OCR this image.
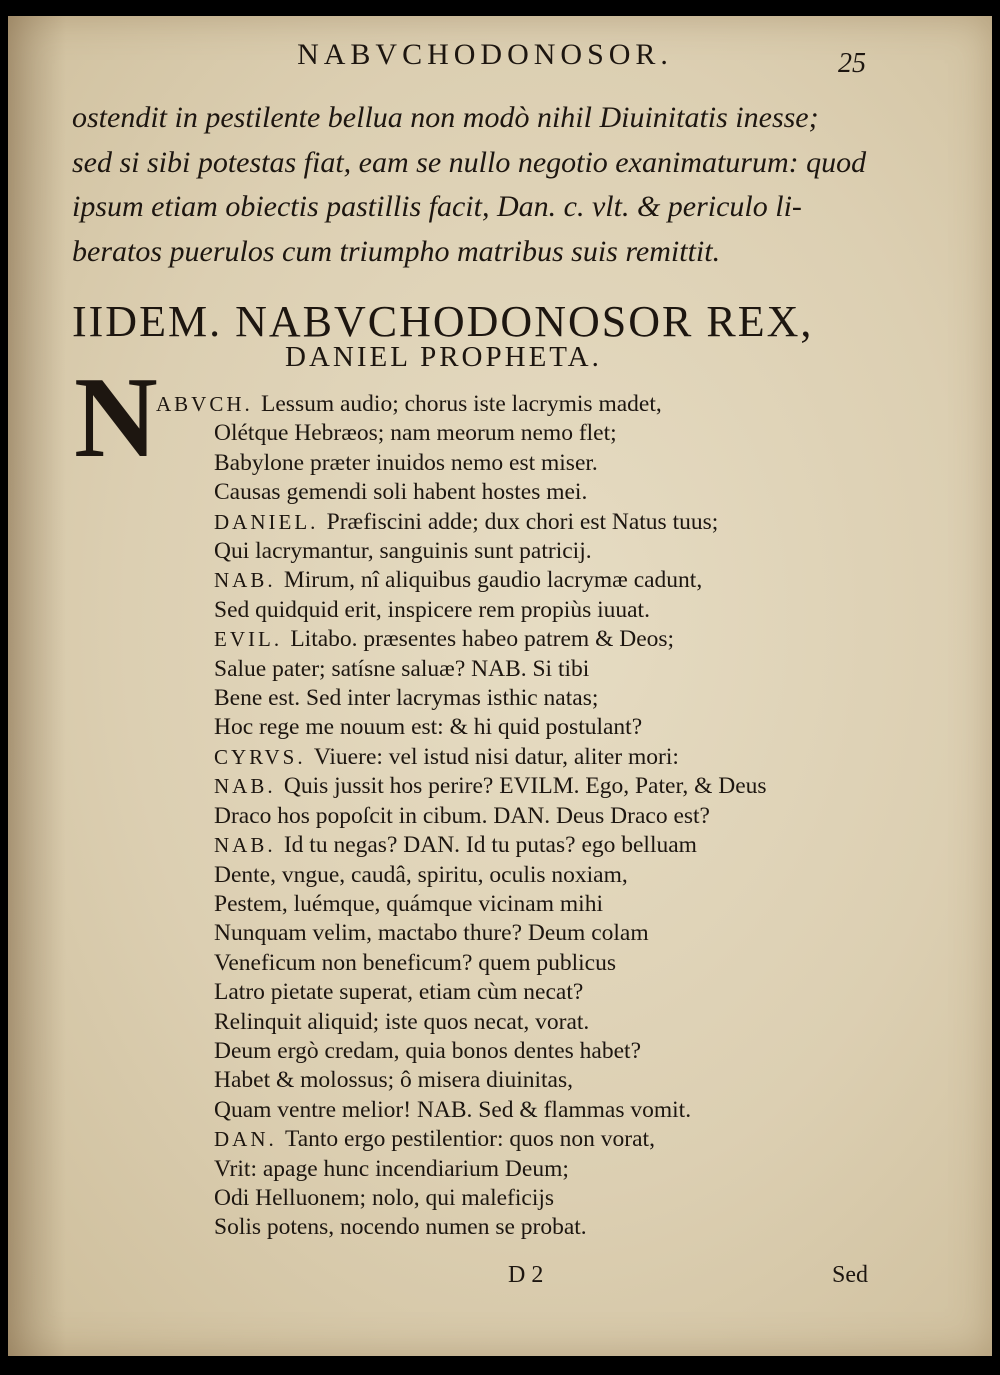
NABVCHODONOSOR.	25
ostendit in pestilente bellua non modò nihil Diuinitatis inesse;
sed si sibi potestas fiat, eam se nullo negotio exanimaturum: quod
ipsum etiam obiectis pastillis facit, Dan. c. vlt. & periculo li-
beratos puerulos cum triumpho matribus suis remittit.
IIDEM. NABVCHODONOSOR REX,
DANIEL PROPHETA.
N
ABVCH. Lessum audio; chorus iste lacrymis madet,
Olétque Hebræos; nam meorum nemo flet;
Babylone præter inuidos nemo est miser.
Causas gemendi soli habent hostes mei.
DANIEL. Præfiscini adde; dux chori est Natus tuus;
Qui lacrymantur, sanguinis sunt patricij.
NAB. Mirum, nî aliquibus gaudio lacrymæ cadunt,
Sed quidquid erit, inspicere rem propiùs iuuat.
EVIL. Litabo. præsentes habeo patrem & Deos;
Salue pater; satísne saluæ? NAB. Si tibi
Bene est. Sed inter lacrymas isthic natas;
Hoc rege me nouum est: & hi quid postulant?
CYRVS. Viuere: vel istud nisi datur, aliter mori:
NAB. Quis jussit hos perire? EVILM. Ego, Pater, & Deus
Draco hos popoſcit in cibum. DAN. Deus Draco est?
NAB. Id tu negas? DAN. Id tu putas? ego belluam
Dente, vngue, caudâ, spiritu, oculis noxiam,
Pestem, luémque, quámque vicinam mihi
Nunquam velim, mactabo thure? Deum colam
Veneficum non beneficum? quem publicus
Latro pietate superat, etiam cùm necat?
Relinquit aliquid; iste quos necat, vorat.
Deum ergò credam, quia bonos dentes habet?
Habet & molossus; ô misera diuinitas,
Quam ventre melior! NAB. Sed & flammas vomit.
DAN. Tanto ergo pestilentior: quos non vorat,
Vrit: apage hunc incendiarium Deum;
Odi Helluonem; nolo, qui maleficijs
Solis potens, nocendo numen se probat.
D 2	Sed
